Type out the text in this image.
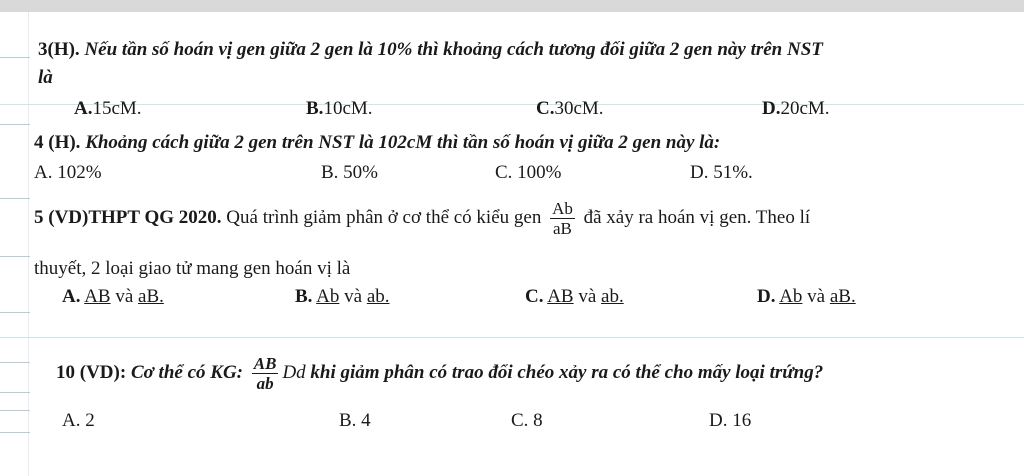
3(H). Nếu tần số hoán vị gen giữa 2 gen là 10% thì khoảng cách tương đối giữa 2 gen này trên NST
là
A.15cM.	B.10cM.	C.30cM.	D.20cM.
4 (H). Khoảng cách giữa 2 gen trên NST là 102cM thì tần số hoán vị giữa 2 gen này là:
A. 102%	B. 50%	C. 100%	D. 51%.
5 (VD)THPT QG 2020. Quá trình giảm phân ở cơ thể có kiểu gen $\frac{Ab}{aB}$ đã xảy ra hoán vị gen. Theo lí
thuyết, 2 loại giao tử mang gen hoán vị là
A. AB và aB.	B. Ab và ab.	C. AB và ab.	D. Ab và aB.
10 (VD): Cơ thể có KG: $\frac{AB}{ab}$ Dd khi giảm phân có trao đổi chéo xảy ra có thể cho mấy loại trứng?
A. 2	B. 4	C. 8	D. 16
